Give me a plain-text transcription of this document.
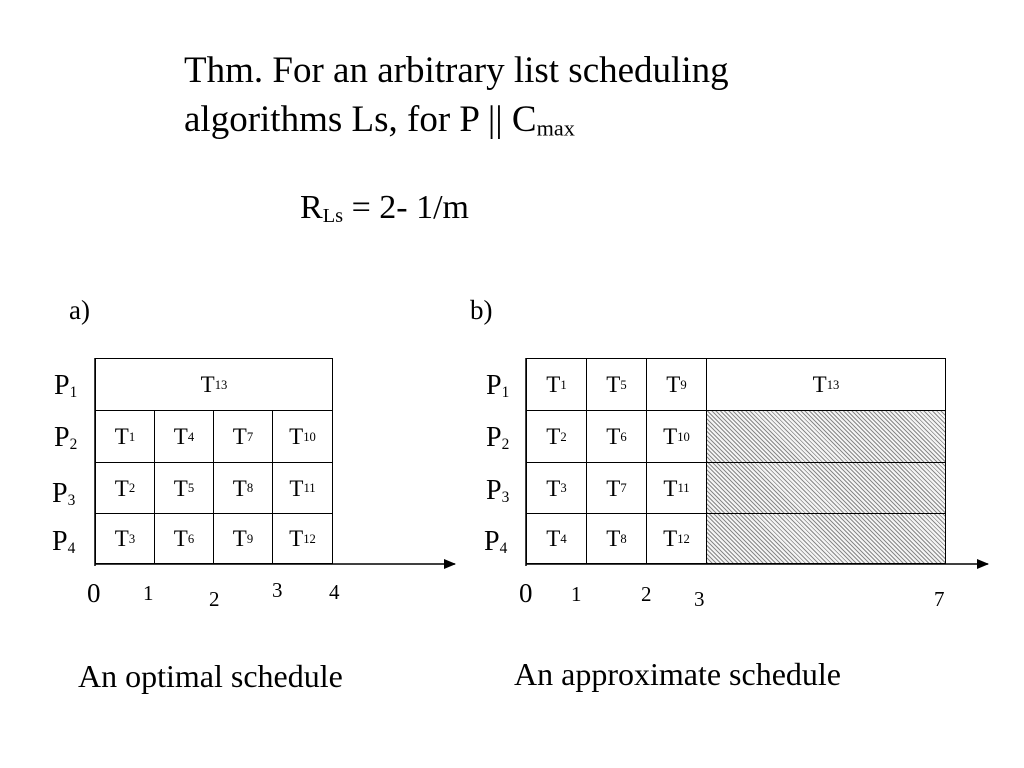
Thm. For an arbitrary list scheduling
algorithms Ls, for P || $C_{max}$
$R_{Ls} = 2-$ 1/m
a)	b)
T 13
T 1 T 4 T 7 T 10
T 2 T 5 T 8 T 11
T 3 T 6 T 9 T 12
$P_1$
$P_2$
$P_3$
$P_4$
0 1	2	3 4
T 1 T 5 T 9	T 13
T 2 T 6 T 10
T 3 T 7 T 11
T 4 T 8 T 12
$P_1$
$P_2$
$P_3$
$P_4$
0 1	2 3	7
An optimal schedule	An approximate schedule
